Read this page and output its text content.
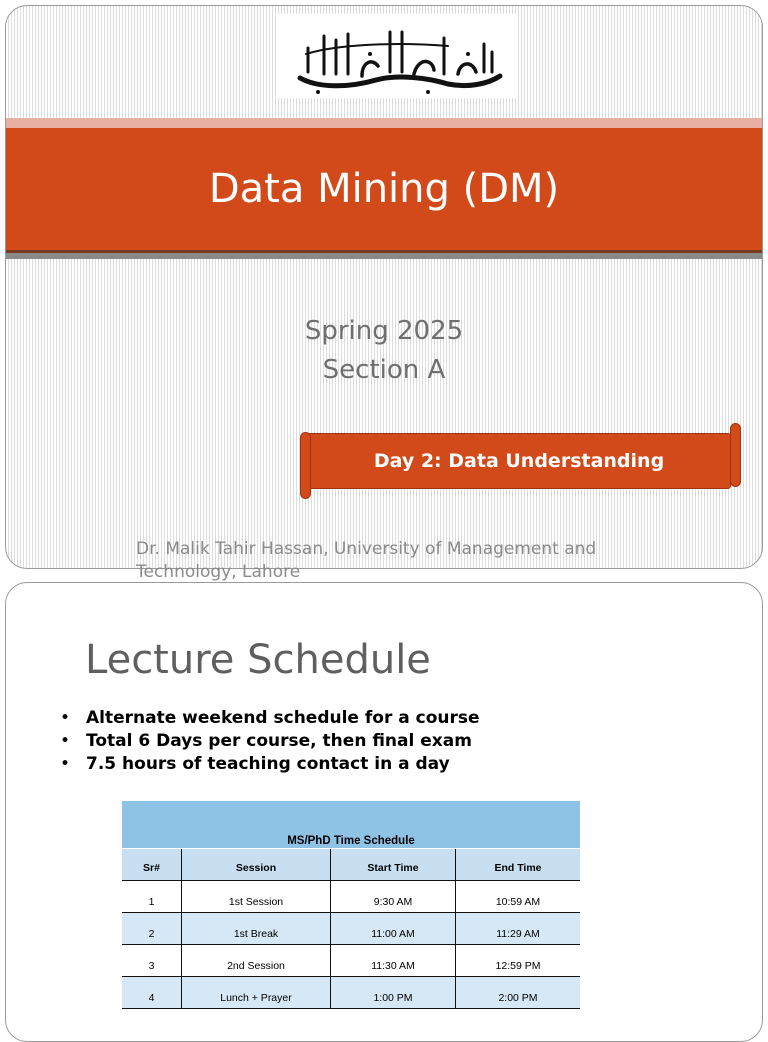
Data Mining (DM)
Spring 2025
Section A
Day 2: Data Understanding
Dr. Malik Tahir Hassan, University of Management and Technology, Lahore
Lecture Schedule
• Alternate weekend schedule for a course
• Total 6 Days per course, then final exam
• 7.5 hours of teaching contact in a day
MS/PhD Time Schedule
Sr#	Session	Start Time	End Time
1	1st Session	9:30 AM	10:59 AM
2	1st Break	11:00 AM	11:29 AM
3	2nd Session	11:30 AM	12:59 PM
4	Lunch + Prayer	1:00 PM	2:00 PM
